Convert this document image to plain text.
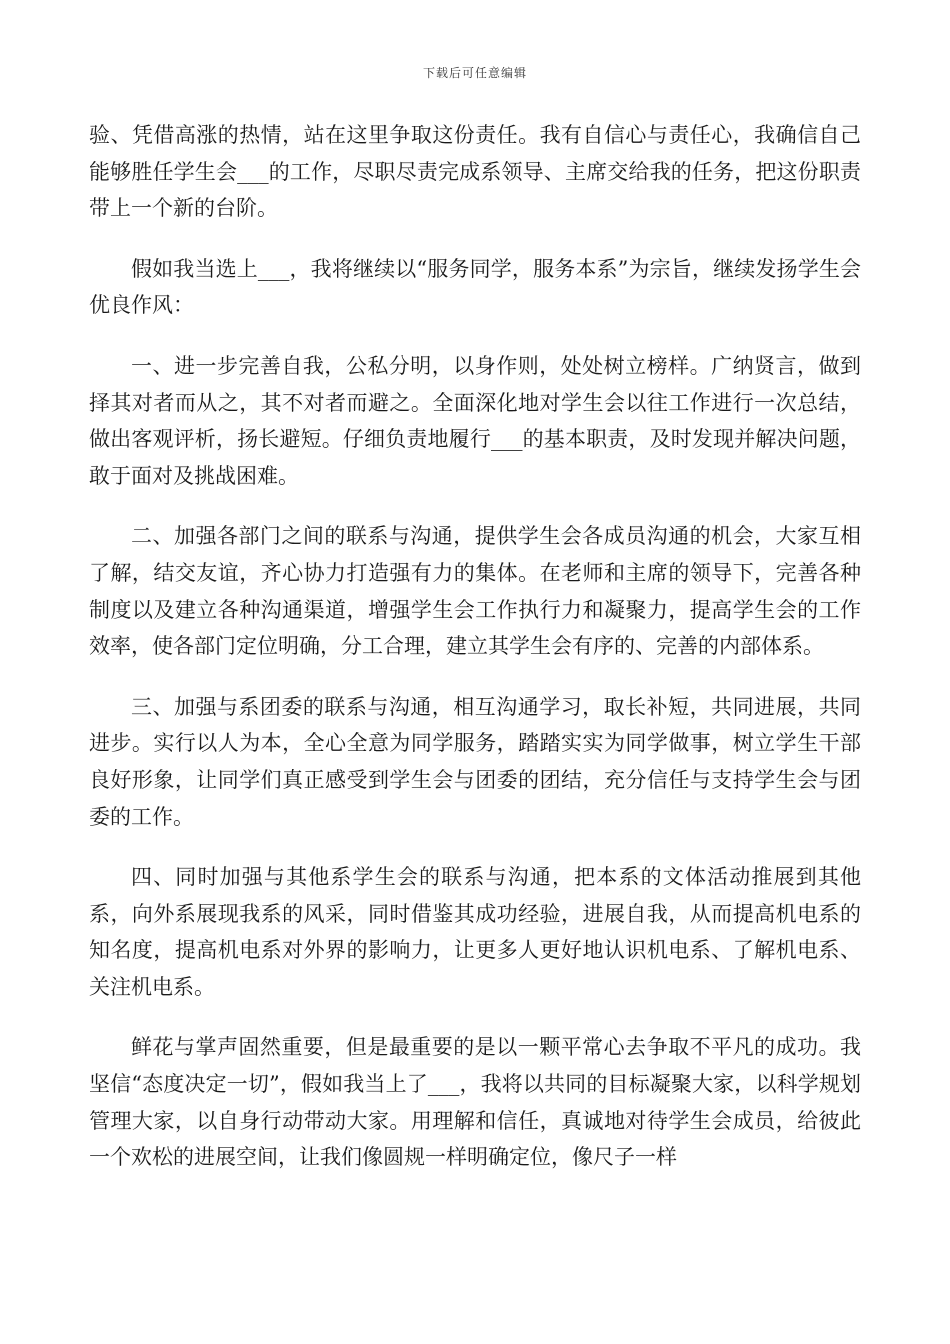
下载后可任意编辑

验、凭借高涨的热情，站在这里争取这份责任。我有自信心与责任心，我确信自己能够胜任学生会___的工作，尽职尽责完成系领导、主席交给我的任务，把这份职责带上一个新的台阶。

假如我当选上___，我将继续以“服务同学，服务本系”为宗旨，继续发扬学生会优良作风：

一、进一步完善自我，公私分明，以身作则，处处树立榜样。广纳贤言，做到择其对者而从之，其不对者而避之。全面深化地对学生会以往工作进行一次总结，做出客观评析，扬长避短。仔细负责地履行___的基本职责，及时发现并解决问题，敢于面对及挑战困难。

二、加强各部门之间的联系与沟通，提供学生会各成员沟通的机会，大家互相了解，结交友谊，齐心协力打造强有力的集体。在老师和主席的领导下，完善各种制度以及建立各种沟通渠道，增强学生会工作执行力和凝聚力，提高学生会的工作效率，使各部门定位明确，分工合理，建立其学生会有序的、完善的内部体系。

三、加强与系团委的联系与沟通，相互沟通学习，取长补短，共同进展，共同进步。实行以人为本，全心全意为同学服务，踏踏实实为同学做事，树立学生干部良好形象，让同学们真正感受到学生会与团委的团结，充分信任与支持学生会与团委的工作。

四、同时加强与其他系学生会的联系与沟通，把本系的文体活动推展到其他系，向外系展现我系的风采，同时借鉴其成功经验，进展自我，从而提高机电系的知名度，提高机电系对外界的影响力，让更多人更好地认识机电系、了解机电系、关注机电系。

鲜花与掌声固然重要，但是最重要的是以一颗平常心去争取不平凡的成功。我坚信“态度决定一切”，假如我当上了___，我将以共同的目标凝聚大家，以科学规划管理大家，以自身行动带动大家。用理解和信任，真诚地对待学生会成员，给彼此一个欢松的进展空间，让我们像圆规一样明确定位，像尺子一样
